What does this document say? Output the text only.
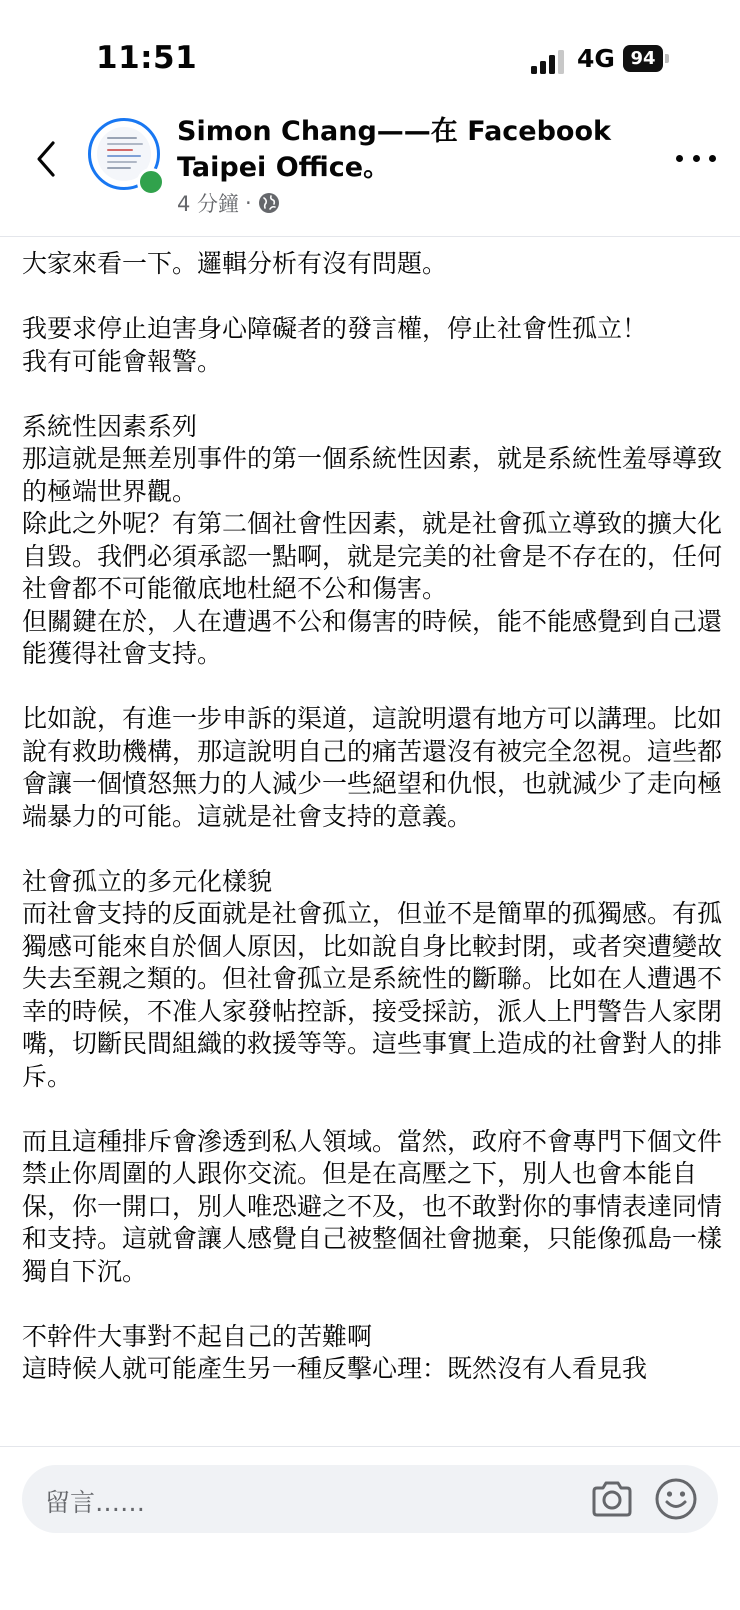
11:51	4G 94
Simon Chang——在 Facebook Taipei Office。
4 分鐘 ·

大家來看一下。邏輯分析有沒有問題。

我要求停止迫害身心障礙者的發言權，停止社會性孤立！
我有可能會報警。

系統性因素系列
那這就是無差別事件的第一個系統性因素，就是系統性羞辱導致的極端世界觀。
除此之外呢？有第二個社會性因素，就是社會孤立導致的擴大化自毀。我們必須承認一點啊，就是完美的社會是不存在的，任何社會都不可能徹底地杜絕不公和傷害。
但關鍵在於，人在遭遇不公和傷害的時候，能不能感覺到自己還能獲得社會支持。

比如說，有進一步申訴的渠道，這說明還有地方可以講理。比如說有救助機構，那這說明自己的痛苦還沒有被完全忽視。這些都會讓一個憤怒無力的人減少一些絕望和仇恨，也就減少了走向極端暴力的可能。這就是社會支持的意義。

社會孤立的多元化樣貌
而社會支持的反面就是社會孤立，但並不是簡單的孤獨感。有孤獨感可能來自於個人原因，比如說自身比較封閉，或者突遭變故失去至親之類的。但社會孤立是系統性的斷聯。比如在人遭遇不幸的時候，不准人家發帖控訴，接受採訪，派人上門警告人家閉嘴，切斷民間組織的救援等等。這些事實上造成的社會對人的排斥。

而且這種排斥會滲透到私人領域。當然，政府不會專門下個文件禁止你周圍的人跟你交流。但是在高壓之下，別人也會本能自保，你一開口，別人唯恐避之不及，也不敢對你的事情表達同情和支持。這就會讓人感覺自己被整個社會拋棄，只能像孤島一樣獨自下沉。

不幹件大事對不起自己的苦難啊
這時候人就可能產生另一種反擊心理：既然沒有人看見我

留言……
